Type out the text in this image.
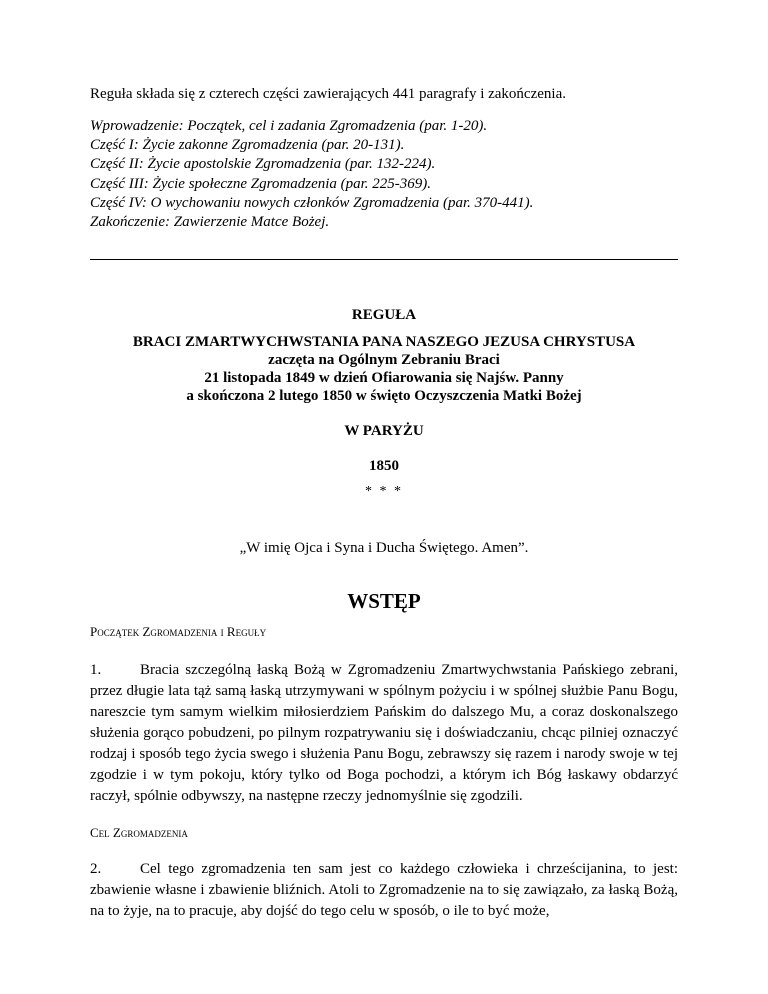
Reguła składa się z czterech części zawierających 441 paragrafy i zakończenia.
Wprowadzenie: Początek, cel i zadania Zgromadzenia (par. 1-20).
Część I: Życie zakonne Zgromadzenia (par. 20-131).
Część II: Życie apostolskie Zgromadzenia (par. 132-224).
Część III: Życie społeczne Zgromadzenia (par. 225-369).
Część IV: O wychowaniu nowych członków Zgromadzenia (par. 370-441).
Zakończenie: Zawierzenie Matce Bożej.
REGUŁA
BRACI ZMARTWYCHWSTANIA PANA NASZEGO JEZUSA CHRYSTUSA
zaczęta na Ogólnym Zebraniu Braci
21 listopada 1849 w dzień Ofiarowania się Najśw. Panny
a skończona 2 lutego 1850 w święto Oczyszczenia Matki Bożej
W PARYŻU
1850
* * *
„W imię Ojca i Syna i Ducha Świętego. Amen”.
WSTĘP
Początek Zgromadzenia i Reguły
1.	Bracia szczególną łaską Bożą w Zgromadzeniu Zmartwychwstania Pańskiego zebrani, przez długie lata tąż samą łaską utrzymywani w spólnym pożyciu i w spólnej służbie Panu Bogu, nareszcie tym samym wielkim miłosierdziem Pańskim do dalszego Mu, a coraz doskonalszego służenia gorąco pobudzeni, po pilnym rozpatrywaniu się i doświadczaniu, chcąc pilniej oznaczyć rodzaj i sposób tego życia swego i służenia Panu Bogu, zebrawszy się razem i narody swoje w tej zgodzie i w tym pokoju, który tylko od Boga pochodzi, a którym ich Bóg łaskawy obdarzyć raczył, spólnie odbywszy, na następne rzeczy jednomyślnie się zgodzili.
Cel Zgromadzenia
2.	Cel tego zgromadzenia ten sam jest co każdego człowieka i chrześcijanina, to jest: zbawienie własne i zbawienie bliźnich. Atoli to Zgromadzenie na to się zawiązało, za łaską Bożą, na to żyje, na to pracuje, aby dojść do tego celu w sposób, o ile to być może,
